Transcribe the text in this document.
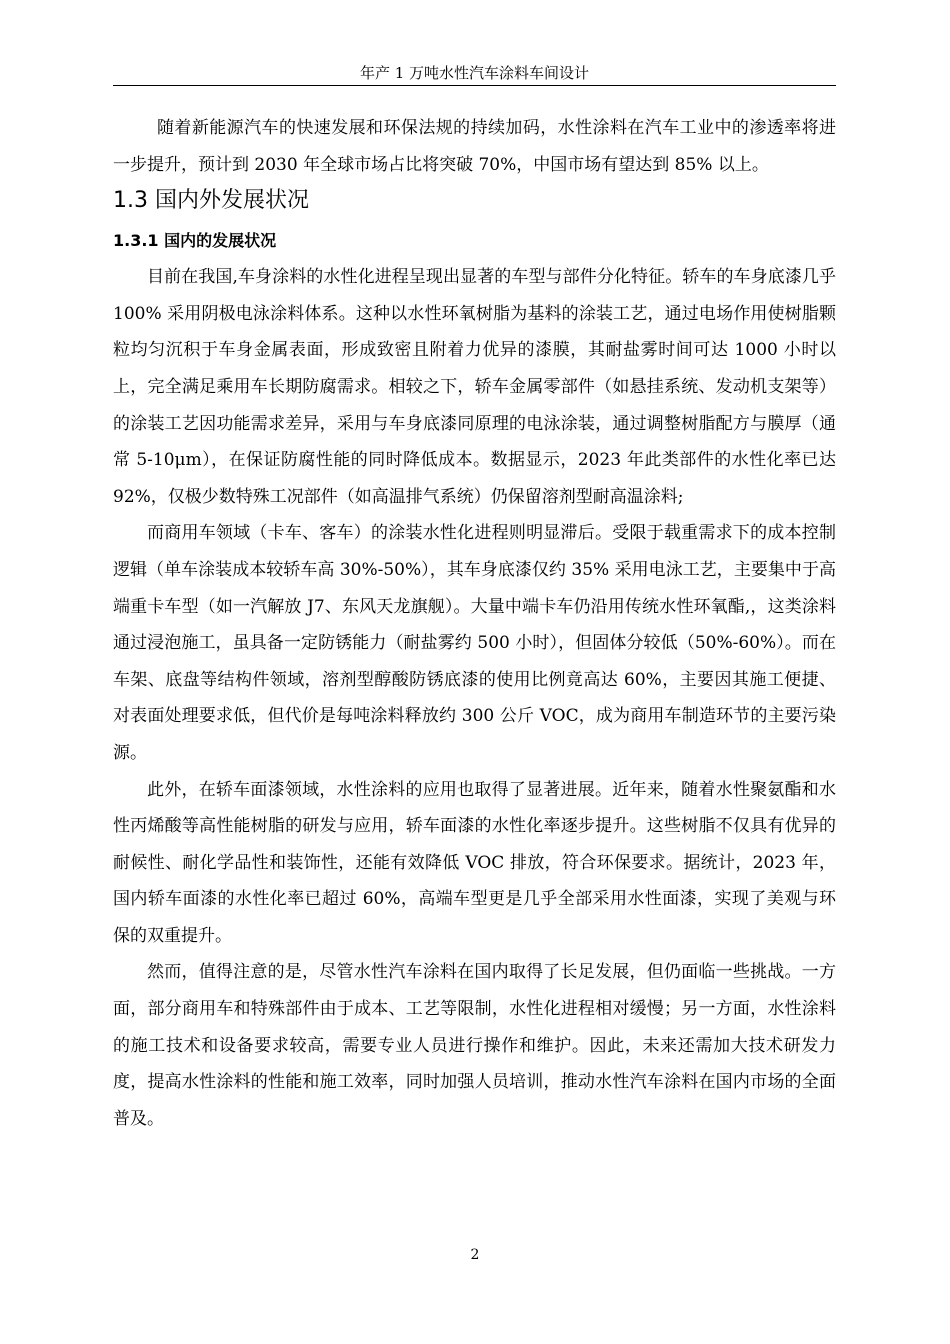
年产 1 万吨水性汽车涂料车间设计

随着新能源汽车的快速发展和环保法规的持续加码，水性涂料在汽车工业中的渗透率将进一步提升，预计到 2030 年全球市场占比将突破 70%，中国市场有望达到 85% 以上。

1.3 国内外发展状况
1.3.1 国内的发展状况

目前在我国,车身涂料的水性化进程呈现出显著的车型与部件分化特征。轿车的车身底漆几乎 100% 采用阴极电泳涂料体系。这种以水性环氧树脂为基料的涂装工艺，通过电场作用使树脂颗粒均匀沉积于车身金属表面，形成致密且附着力优异的漆膜，其耐盐雾时间可达 1000 小时以上，完全满足乘用车长期防腐需求。相较之下，轿车金属零部件（如悬挂系统、发动机支架等）的涂装工艺因功能需求差异，采用与车身底漆同原理的电泳涂装，通过调整树脂配方与膜厚（通常 5-10μm），在保证防腐性能的同时降低成本。数据显示，2023 年此类部件的水性化率已达 92%，仅极少数特殊工况部件（如高温排气系统）仍保留溶剂型耐高温涂料;

而商用车领域（卡车、客车）的涂装水性化进程则明显滞后。受限于载重需求下的成本控制逻辑（单车涂装成本较轿车高 30%-50%），其车身底漆仅约 35% 采用电泳工艺，主要集中于高端重卡车型（如一汽解放 J7、东风天龙旗舰）。大量中端卡车仍沿用传统水性环氧酯,，这类涂料通过浸泡施工，虽具备一定防锈能力（耐盐雾约 500 小时），但固体分较低（50%-60%）。而在车架、底盘等结构件领域，溶剂型醇酸防锈底漆的使用比例竟高达 60%，主要因其施工便捷、对表面处理要求低，但代价是每吨涂料释放约 300 公斤 VOC，成为商用车制造环节的主要污染源。

此外，在轿车面漆领域，水性涂料的应用也取得了显著进展。近年来，随着水性聚氨酯和水性丙烯酸等高性能树脂的研发与应用，轿车面漆的水性化率逐步提升。这些树脂不仅具有优异的耐候性、耐化学品性和装饰性，还能有效降低 VOC 排放，符合环保要求。据统计，2023 年，国内轿车面漆的水性化率已超过 60%，高端车型更是几乎全部采用水性面漆，实现了美观与环保的双重提升。

然而，值得注意的是，尽管水性汽车涂料在国内取得了长足发展，但仍面临一些挑战。一方面，部分商用车和特殊部件由于成本、工艺等限制，水性化进程相对缓慢；另一方面，水性涂料的施工技术和设备要求较高，需要专业人员进行操作和维护。因此，未来还需加大技术研发力度，提高水性涂料的性能和施工效率，同时加强人员培训，推动水性汽车涂料在国内市场的全面普及。

2
